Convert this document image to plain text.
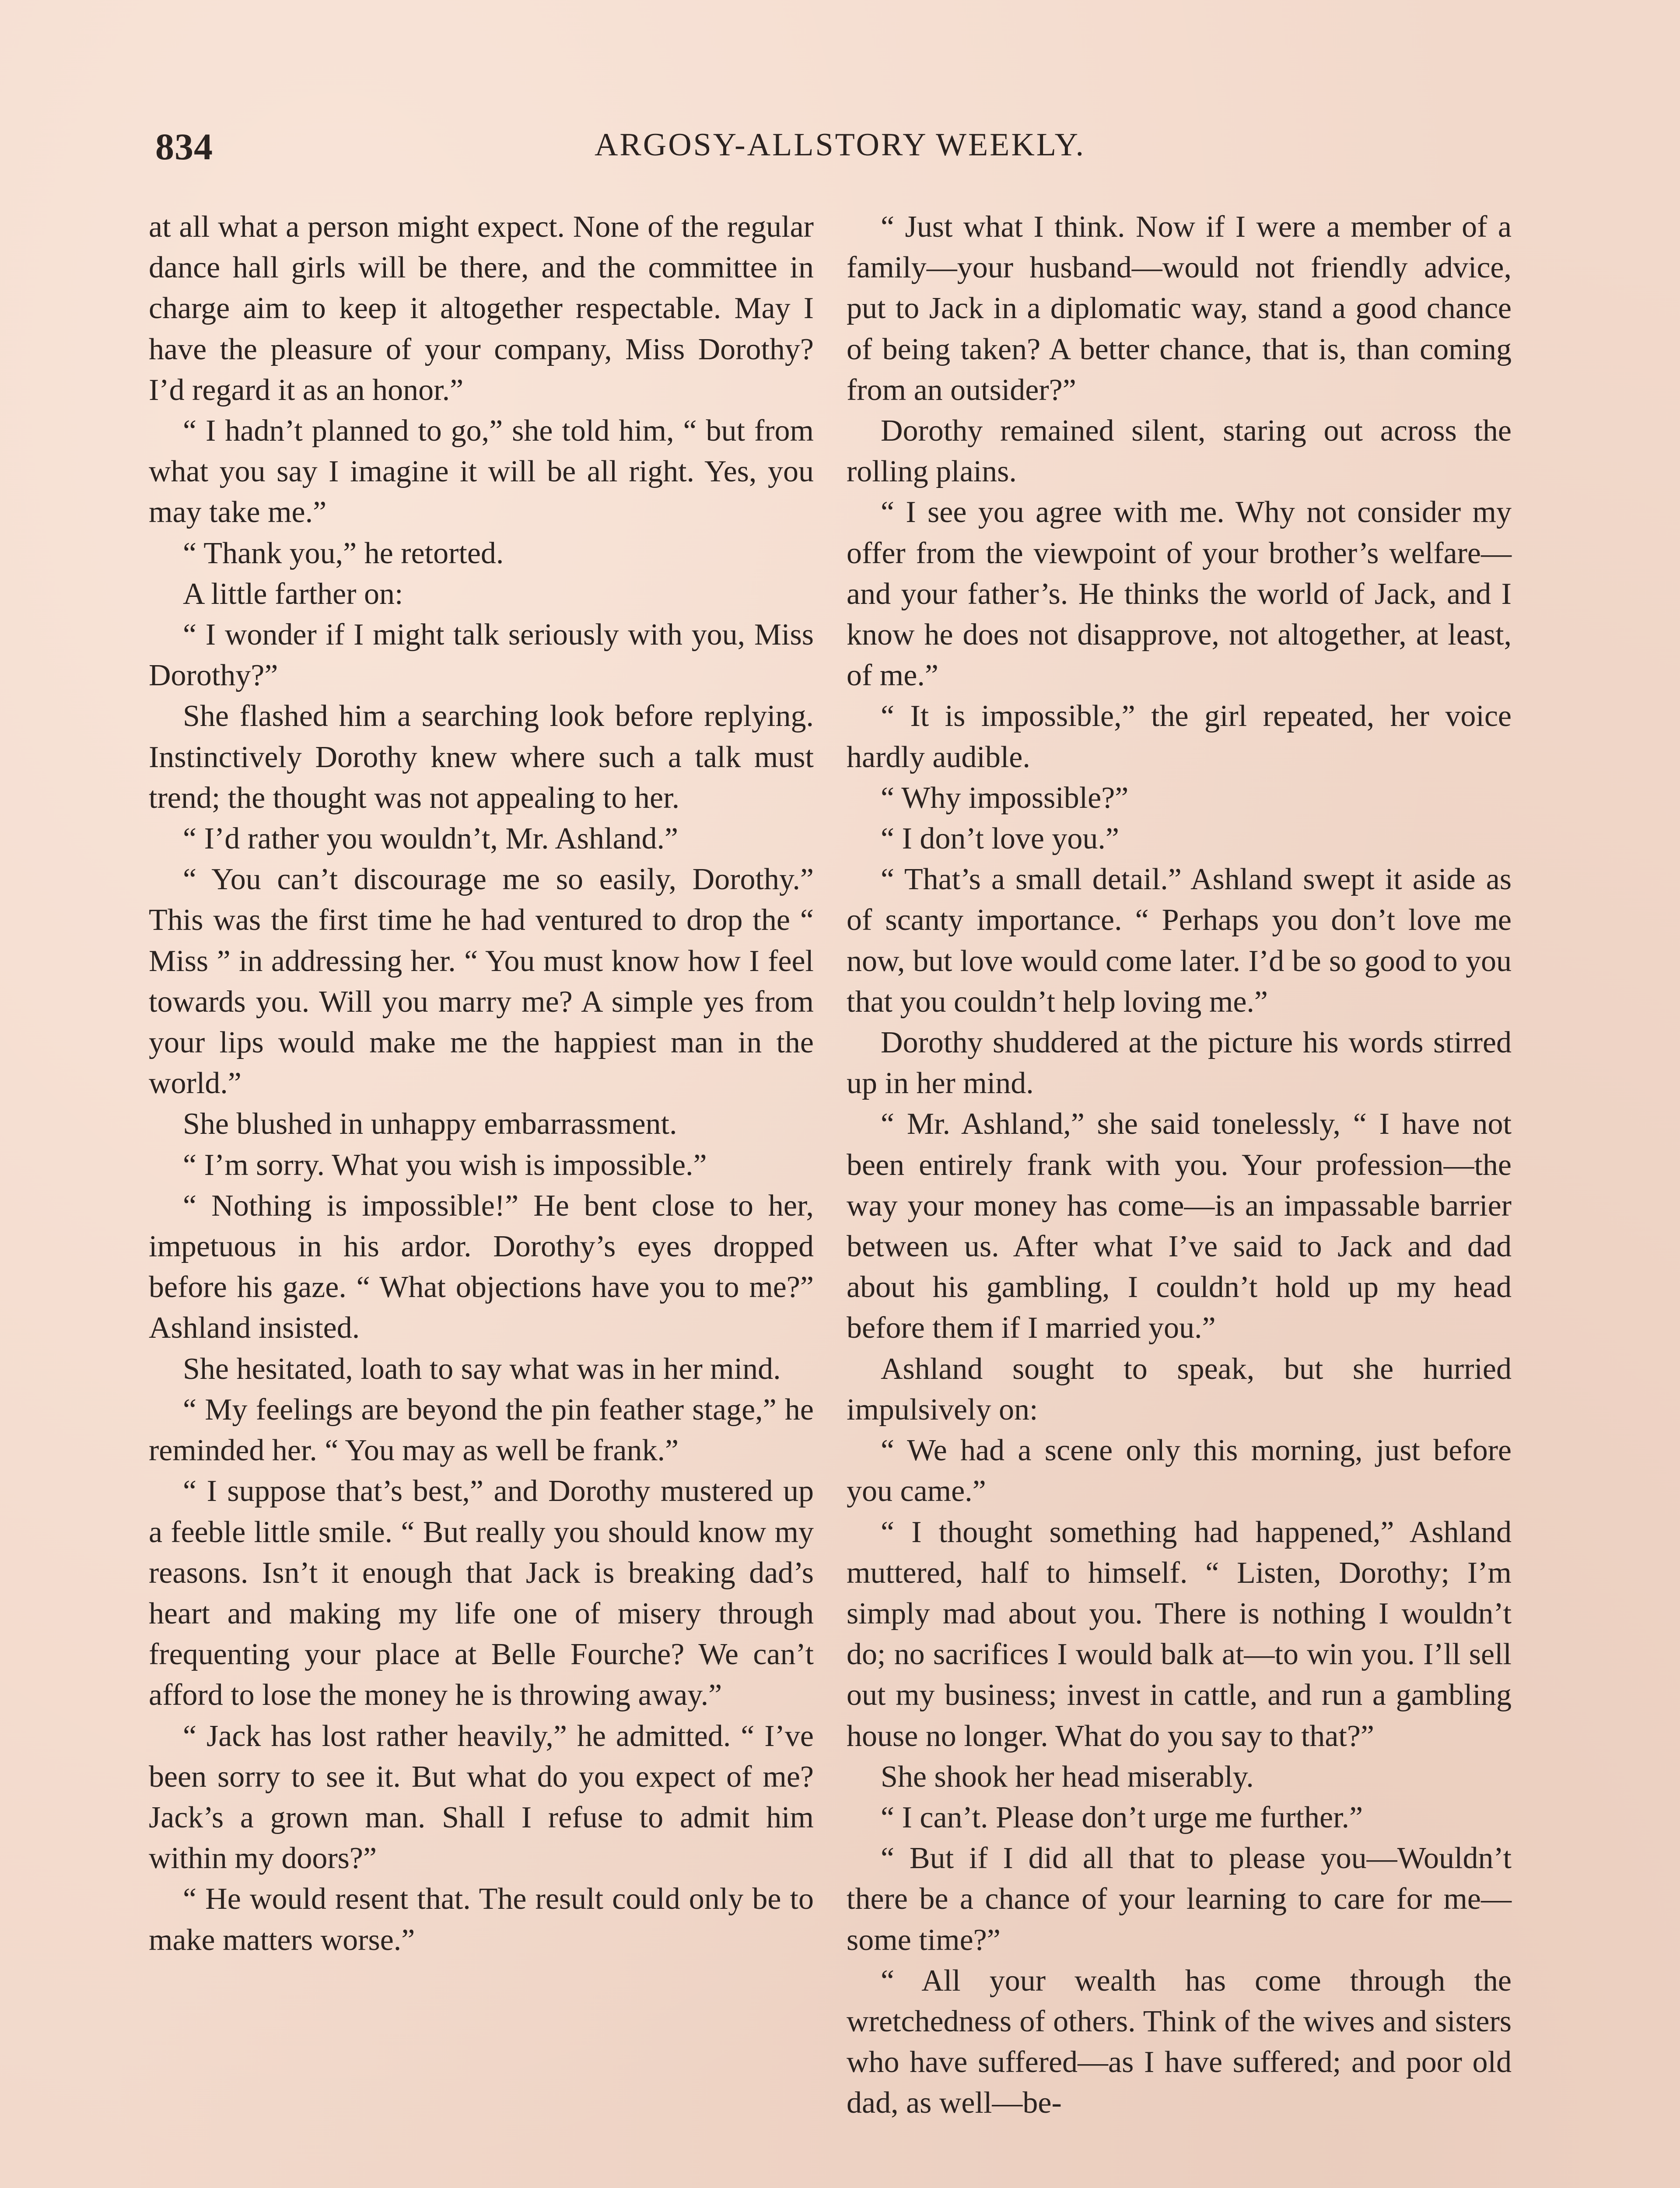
834	ARGOSY-ALLSTORY WEEKLY.

at all what a person might expect. None of the regular dance hall girls will be there, and the committee in charge aim to keep it altogether respectable. May I have the pleasure of your company, Miss Dorothy? I’d regard it as an honor.”

“ I hadn’t planned to go,” she told him, “ but from what you say I imagine it will be all right. Yes, you may take me.”

“ Thank you,” he retorted.

A little farther on:

“ I wonder if I might talk seriously with you, Miss Dorothy?”

She flashed him a searching look before replying. Instinctively Dorothy knew where such a talk must trend; the thought was not appealing to her.

“ I’d rather you wouldn’t, Mr. Ashland.”

“ You can’t discourage me so easily, Dorothy.” This was the first time he had ventured to drop the “ Miss ” in addressing her. “ You must know how I feel towards you. Will you marry me? A simple yes from your lips would make me the happiest man in the world.”

She blushed in unhappy embarrassment.

“ I’m sorry. What you wish is impossible.”

“ Nothing is impossible!” He bent close to her, impetuous in his ardor. Dorothy’s eyes dropped before his gaze. “ What objections have you to me?” Ashland insisted.

She hesitated, loath to say what was in her mind.

“ My feelings are beyond the pin feather stage,” he reminded her. “ You may as well be frank.”

“ I suppose that’s best,” and Dorothy mustered up a feeble little smile. “ But really you should know my reasons. Isn’t it enough that Jack is breaking dad’s heart and making my life one of misery through frequenting your place at Belle Fourche? We can’t afford to lose the money he is throwing away.”

“ Jack has lost rather heavily,” he admitted. “ I’ve been sorry to see it. But what do you expect of me? Jack’s a grown man. Shall I refuse to admit him within my doors?”

“ He would resent that. The result could only be to make matters worse.”

“ Just what I think. Now if I were a member of a family—your husband—would not friendly advice, put to Jack in a diplomatic way, stand a good chance of being taken? A better chance, that is, than coming from an outsider?”

Dorothy remained silent, staring out across the rolling plains.

“ I see you agree with me. Why not consider my offer from the viewpoint of your brother’s welfare—and your father’s. He thinks the world of Jack, and I know he does not disapprove, not altogether, at least, of me.”

“ It is impossible,” the girl repeated, her voice hardly audible.

“ Why impossible?”

“ I don’t love you.”

“ That’s a small detail.” Ashland swept it aside as of scanty importance. “ Perhaps you don’t love me now, but love would come later. I’d be so good to you that you couldn’t help loving me.”

Dorothy shuddered at the picture his words stirred up in her mind.

“ Mr. Ashland,” she said tonelessly, “ I have not been entirely frank with you. Your profession—the way your money has come—is an impassable barrier between us. After what I’ve said to Jack and dad about his gambling, I couldn’t hold up my head before them if I married you.”

Ashland sought to speak, but she hurried impulsively on:

“ We had a scene only this morning, just before you came.”

“ I thought something had happened,” Ashland muttered, half to himself. “ Listen, Dorothy; I’m simply mad about you. There is nothing I wouldn’t do; no sacrifices I would balk at—to win you. I’ll sell out my business; invest in cattle, and run a gambling house no longer. What do you say to that?”

She shook her head miserably.

“ I can’t. Please don’t urge me further.”

“ But if I did all that to please you—Wouldn’t there be a chance of your learning to care for me—some time?”

“ All your wealth has come through the wretchedness of others. Think of the wives and sisters who have suffered—as I have suffered; and poor old dad, as well—be-
